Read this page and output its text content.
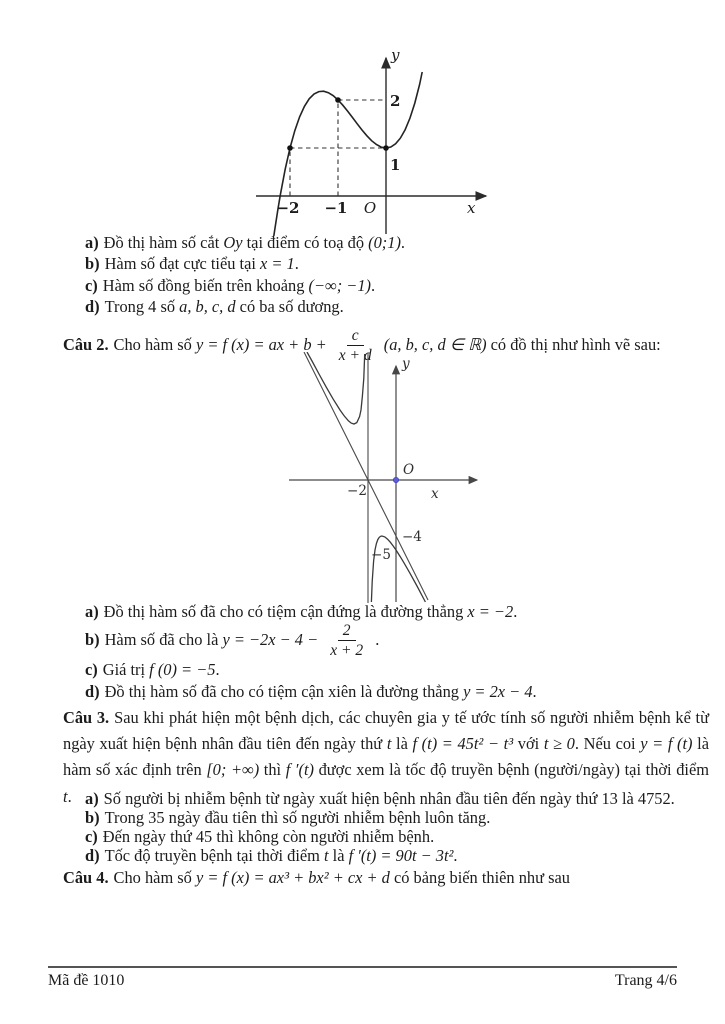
−2 −1 O
1
2
y
x
a) Đồ thị hàm số cắt Oy tại điểm có toạ độ (0;1).
b) Hàm số đạt cực tiểu tại x = 1.
c) Hàm số đồng biến trên khoảng (−∞; −1).
d) Trong 4 số a, b, c, d có ba số dương.
Câu 2. Cho hàm số y = f (x) = ax + $b + \frac{c}{x + d} (a$, b, c, d ∈ ℝ) có đồ thị như hình vẽ sau:
y
x
O
−2
−4
−5
a) Đồ thị hàm số đã cho có tiệm cận đứng là đường thẳng x = −2.
b) Hàm số đã cho là $y = -2x - 4 - \frac{2}{x + 2}$ .
c) Giá trị f (0) = −5.
d) Đồ thị hàm số đã cho có tiệm cận xiên là đường thẳng y = 2x − 4.
Câu 3. Sau khi phát hiện một bệnh dịch, các chuyên gia y tế ước tính số người nhiễm bệnh kể từ ngày xuất hiện bệnh nhân đầu tiên đến ngày thứ t là f (t) = 45t² − t³ với t ≥ 0. Nếu coi y = f (t) là hàm số xác định trên [0; +∞) thì f ′(t) được xem là tốc độ truyền bệnh (người/ngày) tại thời điểm t. a) Số người bị nhiễm bệnh từ ngày xuất hiện bệnh nhân đầu tiên đến ngày thứ 13 là 4752.
b) Trong 35 ngày đầu tiên thì số người nhiễm bệnh luôn tăng.
c) Đến ngày thứ 45 thì không còn người nhiễm bệnh.
d) Tốc độ truyền bệnh tại thời điểm t là f ′(t) = 90t − 3t².
Câu 4. Cho hàm số y = f (x) = ax³ + bx² + cx + d có bảng biến thiên như sau
Mã đề 1010	Trang 4/6
